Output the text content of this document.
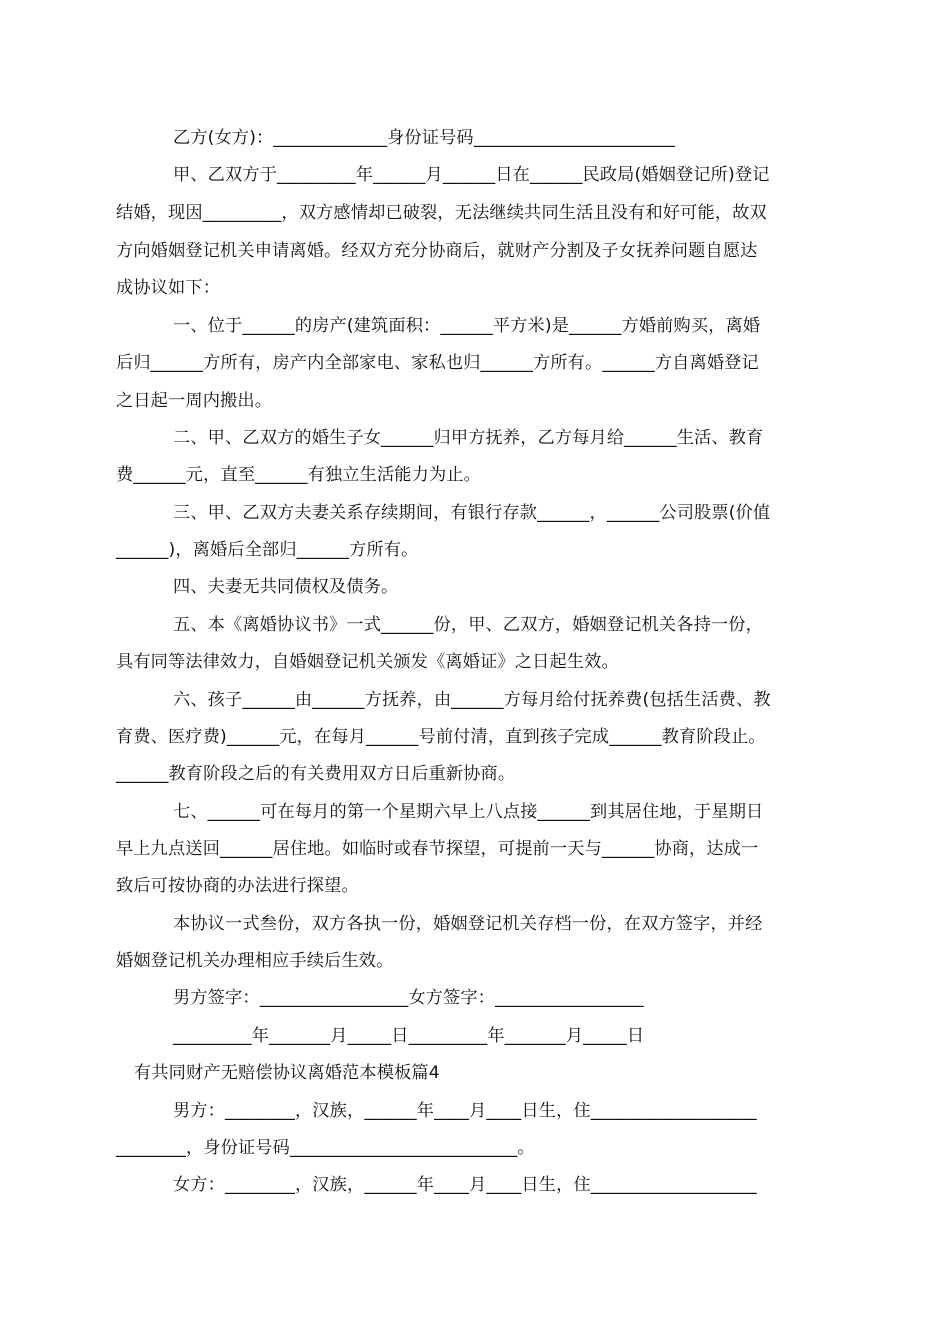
乙方(女方)：_____________身份证号码_______________________
甲、乙双方于_________年______月______日在______民政局(婚姻登记所)登记
结婚，现因_________，双方感情却已破裂，无法继续共同生活且没有和好可能，故双
方向婚姻登记机关申请离婚。经双方充分协商后，就财产分割及子女抚养问题自愿达
成协议如下：
一、位于______的房产(建筑面积：______平方米)是______方婚前购买，离婚
后归______方所有，房产内全部家电、家私也归______方所有。______方自离婚登记
之日起一周内搬出。
二、甲、乙双方的婚生子女______归甲方抚养，乙方每月给______生活、教育
费______元，直至______有独立生活能力为止。
三、甲、乙双方夫妻关系存续期间，有银行存款______，______公司股票(价值
______)，离婚后全部归______方所有。
四、夫妻无共同债权及债务。
五、本《离婚协议书》一式______份，甲、乙双方，婚姻登记机关各持一份，
具有同等法律效力，自婚姻登记机关颁发《离婚证》之日起生效。
六、孩子______由______方抚养，由______方每月给付抚养费(包括生活费、教
育费、医疗费)______元，在每月______号前付清，直到孩子完成______教育阶段止。
______教育阶段之后的有关费用双方日后重新协商。
七、______可在每月的第一个星期六早上八点接______到其居住地，于星期日
早上九点送回______居住地。如临时或春节探望，可提前一天与______协商，达成一
致后可按协商的办法进行探望。
本协议一式叁份，双方各执一份，婚姻登记机关存档一份，在双方签字，并经
婚姻登记机关办理相应手续后生效。
男方签字：_________________女方签字：_________________
_________年_______月_____日_________年_______月_____日
有共同财产无赔偿协议离婚范本模板篇4
男方：________，汉族，______年____月____日生，住___________________
________，身份证号码__________________________。
女方：________，汉族，______年____月____日生，住___________________
